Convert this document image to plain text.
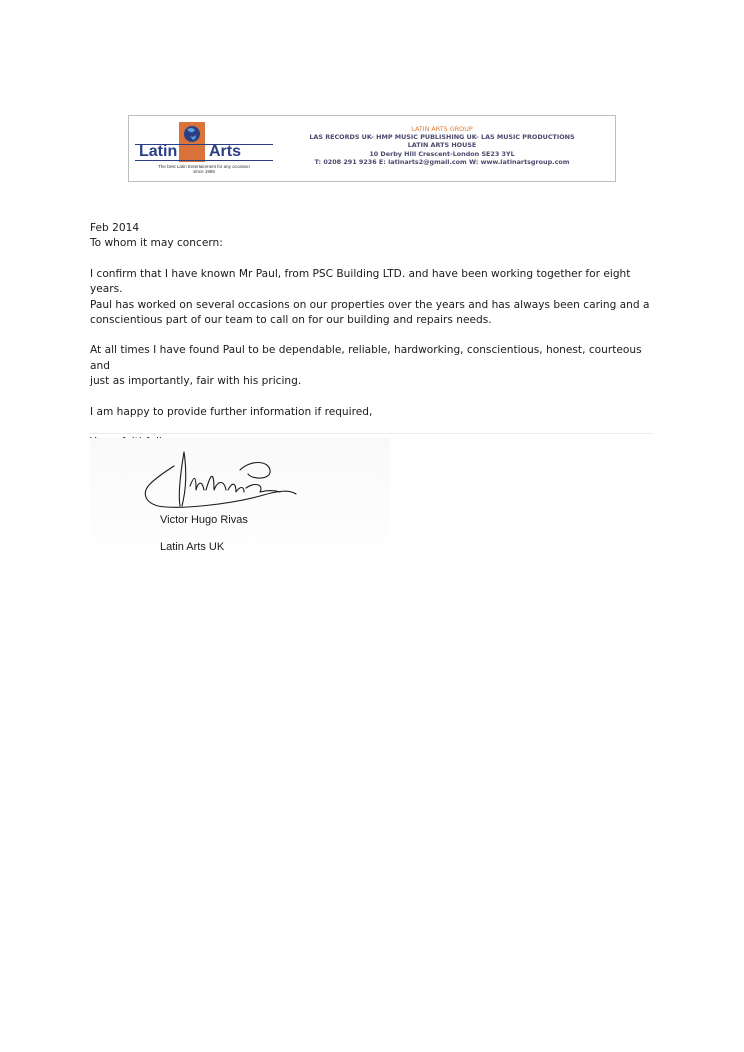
Latin Arts
The best Latin Entertainment for any occasion
since 1989
LATIN ARTS GROUP
LAS RECORDS UK- HMP MUSIC PUBLISHING UK- LAS MUSIC PRODUCTIONS
LATIN ARTS HOUSE
10 Derby Hill Crescent-London SE23 3YL
T: 0208 291 9236 E: latinarts2@gmail.com W: www.latinartsgroup.com

Feb 2014

To whom it may concern:

I confirm that I have known Mr Paul, from PSC Building LTD. and have been working together for eight years.

Paul has worked on several occasions on our properties over the years and has always been caring and a

conscientious part of our team to call on for our building and repairs needs.

At all times I have found Paul to be dependable, reliable, hardworking, conscientious, honest, courteous and

just as importantly, fair with his pricing.

I am happy to provide further information if required,

Victor Hugo Rivas
Latin Arts UK
